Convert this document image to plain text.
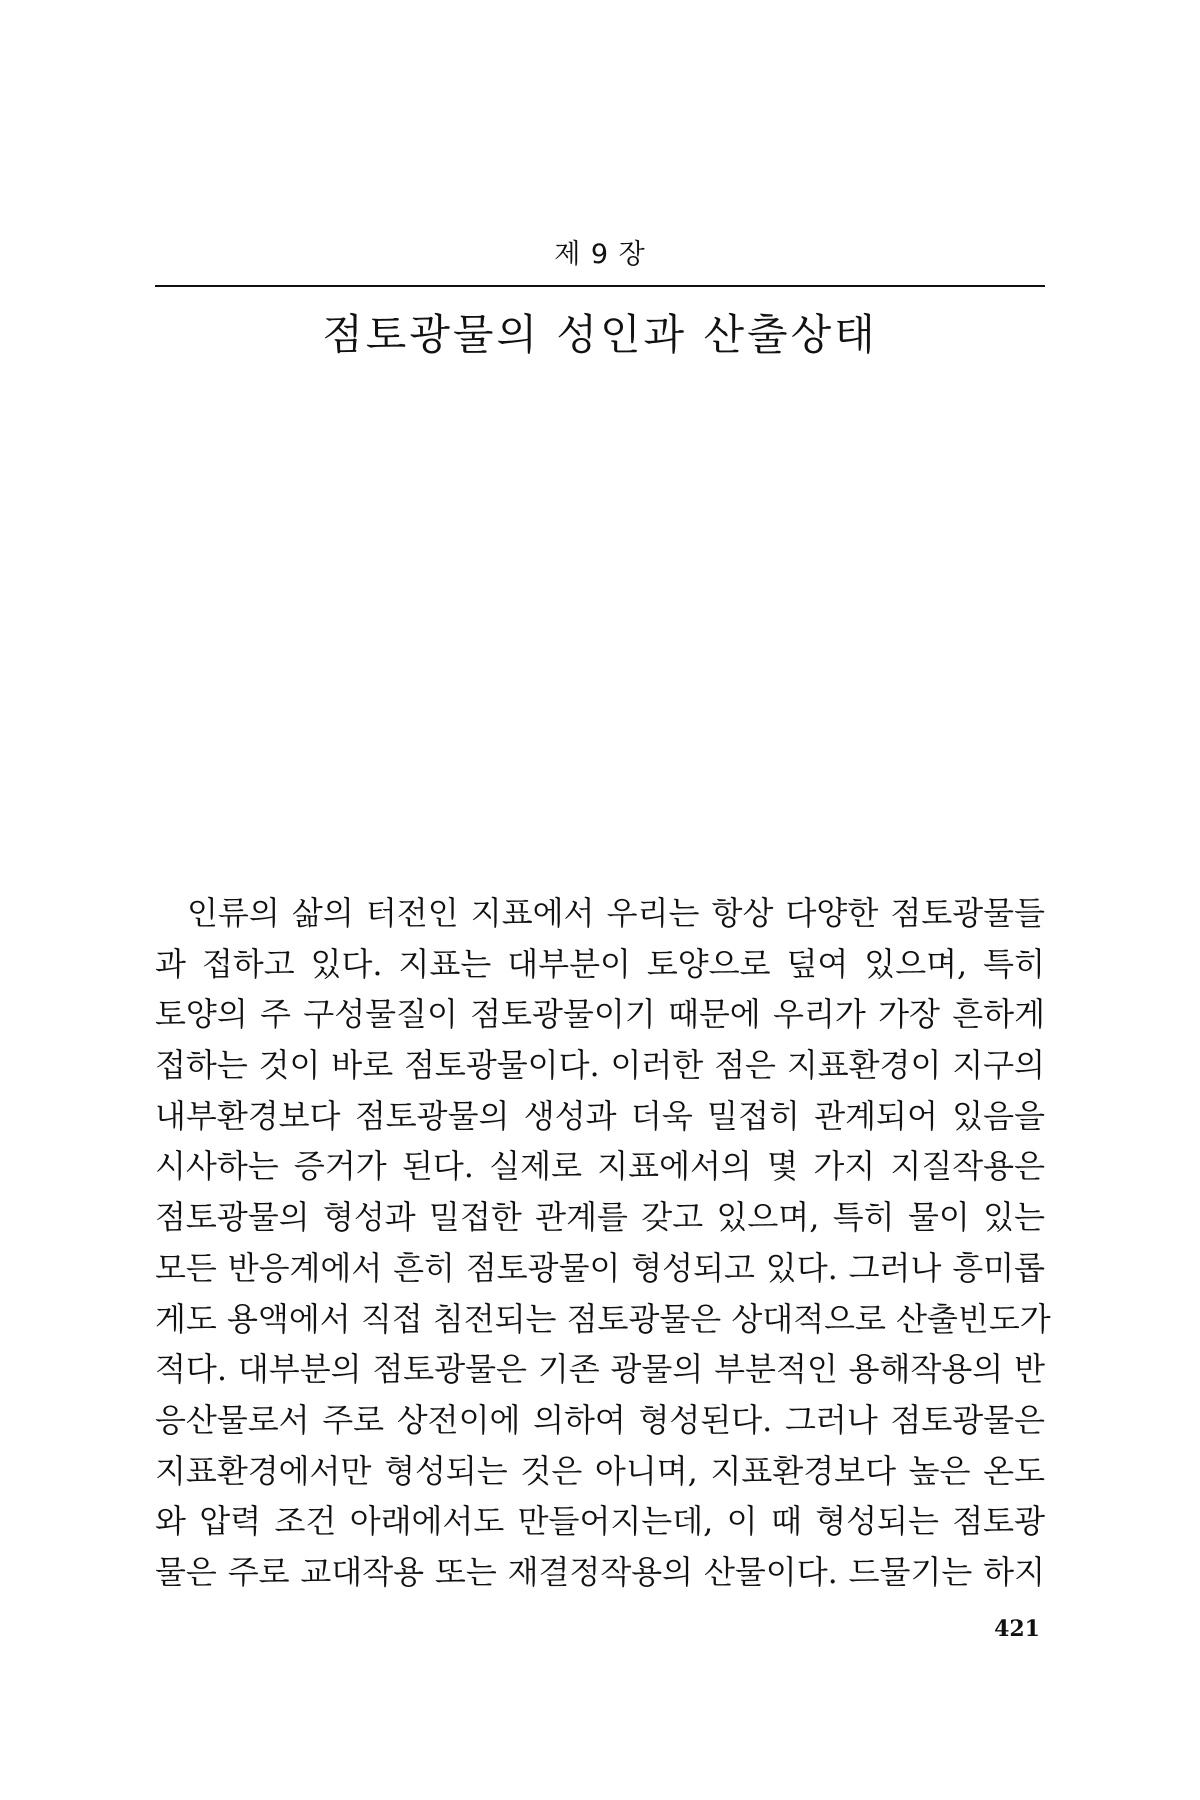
제 9 장
점토광물의 성인과 산출상태
인류의 삶의 터전인 지표에서 우리는 항상 다양한 점토광물들
과 접하고 있다. 지표는 대부분이 토양으로 덮여 있으며, 특히
토양의 주 구성물질이 점토광물이기 때문에 우리가 가장 흔하게
접하는 것이 바로 점토광물이다. 이러한 점은 지표환경이 지구의
내부환경보다 점토광물의 생성과 더욱 밀접히 관계되어 있음을
시사하는 증거가 된다. 실제로 지표에서의 몇 가지 지질작용은
점토광물의 형성과 밀접한 관계를 갖고 있으며, 특히 물이 있는
모든 반응계에서 흔히 점토광물이 형성되고 있다. 그러나 흥미롭
게도 용액에서 직접 침전되는 점토광물은 상대적으로 산출빈도가
적다. 대부분의 점토광물은 기존 광물의 부분적인 용해작용의 반
응산물로서 주로 상전이에 의하여 형성된다. 그러나 점토광물은
지표환경에서만 형성되는 것은 아니며, 지표환경보다 높은 온도
와 압력 조건 아래에서도 만들어지는데, 이 때 형성되는 점토광
물은 주로 교대작용 또는 재결정작용의 산물이다. 드물기는 하지
421
